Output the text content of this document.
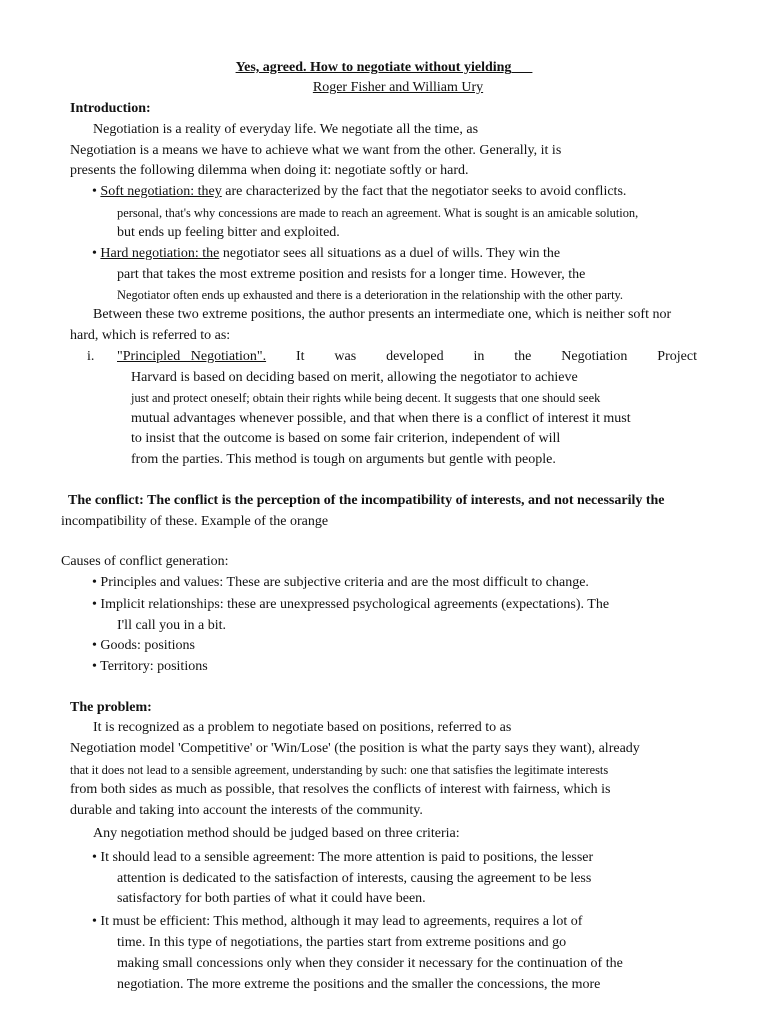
Yes, agreed. How to negotiate without yielding
Roger Fisher and William Ury
Introduction:
Negotiation is a reality of everyday life. We negotiate all the time, as
Negotiation is a means we have to achieve what we want from the other. Generally, it is
presents the following dilemma when doing it: negotiate softly or hard.
• Soft negotiation: they are characterized by the fact that the negotiator seeks to avoid conflicts.
personal, that's why concessions are made to reach an agreement. What is sought is an amicable solution,
but ends up feeling bitter and exploited.
• Hard negotiation: the negotiator sees all situations as a duel of wills. They win the
part that takes the most extreme position and resists for a longer time. However, the
Negotiator often ends up exhausted and there is a deterioration in the relationship with the other party.
Between these two extreme positions, the author presents an intermediate one, which is neither soft nor
hard, which is referred to as:
i. "Principled   Negotiation". It was developed in the Negotiation Project
Harvard is based on deciding based on merit, allowing the negotiator to achieve
just and protect oneself; obtain their rights while being decent. It suggests that one should seek
mutual advantages whenever possible, and that when there is a conflict of interest it must
to insist that the outcome is based on some fair criterion, independent of will
from the parties. This method is tough on arguments but gentle with people.
The conflict: The conflict is the perception of the incompatibility of interests, and not necessarily the
incompatibility of these. Example of the orange
Causes of conflict generation:
• Principles and values: These are subjective criteria and are the most difficult to change.
• Implicit relationships: these are unexpressed psychological agreements (expectations). The
I'll call you in a bit.
• Goods: positions
• Territory: positions
The problem:
It is recognized as a problem to negotiate based on positions, referred to as
Negotiation model 'Competitive' or 'Win/Lose' (the position is what the party says they want), already
that it does not lead to a sensible agreement, understanding by such: one that satisfies the legitimate interests
from both sides as much as possible, that resolves the conflicts of interest with fairness, which is
durable and taking into account the interests of the community.
Any negotiation method should be judged based on three criteria:
• It should lead to a sensible agreement: The more attention is paid to positions, the lesser
attention is dedicated to the satisfaction of interests, causing the agreement to be less
satisfactory for both parties of what it could have been.
• It must be efficient: This method, although it may lead to agreements, requires a lot of
time. In this type of negotiations, the parties start from extreme positions and go
making small concessions only when they consider it necessary for the continuation of the
negotiation. The more extreme the positions and the smaller the concessions, the more
